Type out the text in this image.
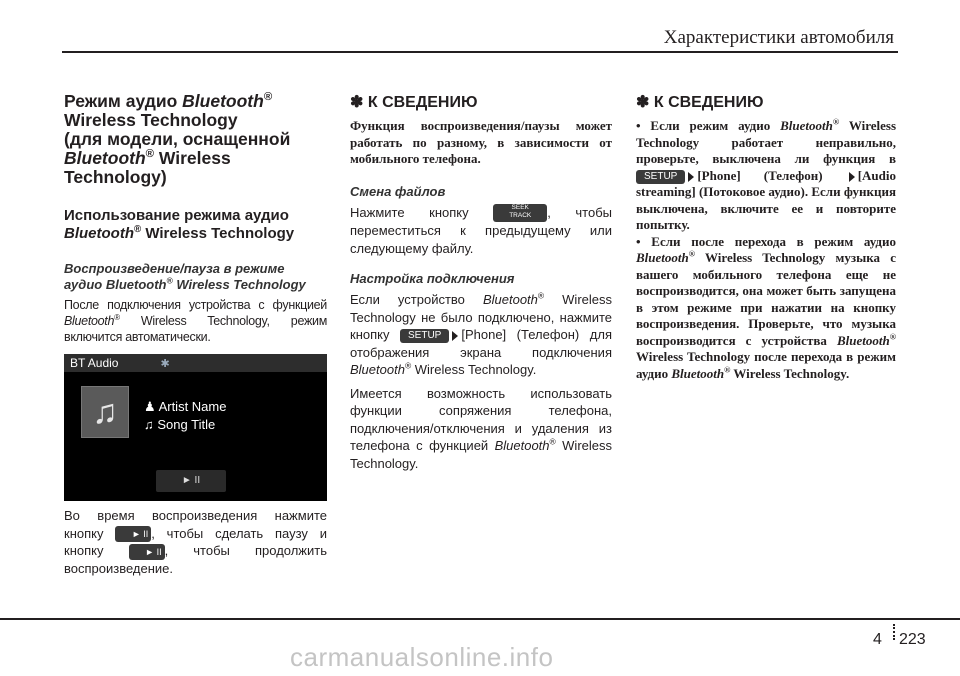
Характеристики автомобиля
Режим аудио Bluetooth®
Wireless Technology
(для модели, оснащенной
Bluetooth® Wireless
Technology)
Использование режима аудио
Bluetooth® Wireless Technology
Воспроизведение/пауза в режиме
аудио Bluetooth® Wireless Technology
После подключения устройства с функцией Bluetooth® Wireless Technology, режим включится автоматически.
BT Audio	✱
♫	♟ Artist Name
♫ Song Title
► II
Во время воспроизведения нажмите кнопку ► II , чтобы сделать паузу и кнопку ► II , чтобы продолжить воспроизведение.
✽ К СВЕДЕНИЮ
Функция воспроизведения/паузы может работать по разному, в зависимости от мобильного телефона.
Смена файлов
Нажмите кнопку	SEEK
TRACK , чтобы переместиться к предыдущему или следующему файлу.
Настройка подключения
Если устройство Bluetooth® Wireless Technology не было подключено, нажмите кнопку SETUP [Phone] (Телефон) для отображения экрана подключения Bluetooth® Wireless Technology.
Имеется возможность использовать функции сопряжения телефона, подключения/отключения и удаления из телефона с функцией Bluetooth® Wireless Technology.
✽ К СВЕДЕНИЮ
• Если режим аудио Bluetooth® Wireless Technology работает неправильно, проверьте, выключена ли функция в SETUP [Phone] (Телефон) [Audio streaming] (Потоковое аудио). Если функция выключена, включите ее и повторите попытку.
• Если после перехода в режим аудио Bluetooth® Wireless Technology музыка с вашего мобильного телефона еще не воспроизводится, она может быть запущена в этом режиме при нажатии на кнопку воспроизведения. Проверьте, что музыка воспроизводится с устройства Bluetooth® Wireless Technology после перехода в режим аудио Bluetooth® Wireless Technology.
4 223
carmanualsonline.info
